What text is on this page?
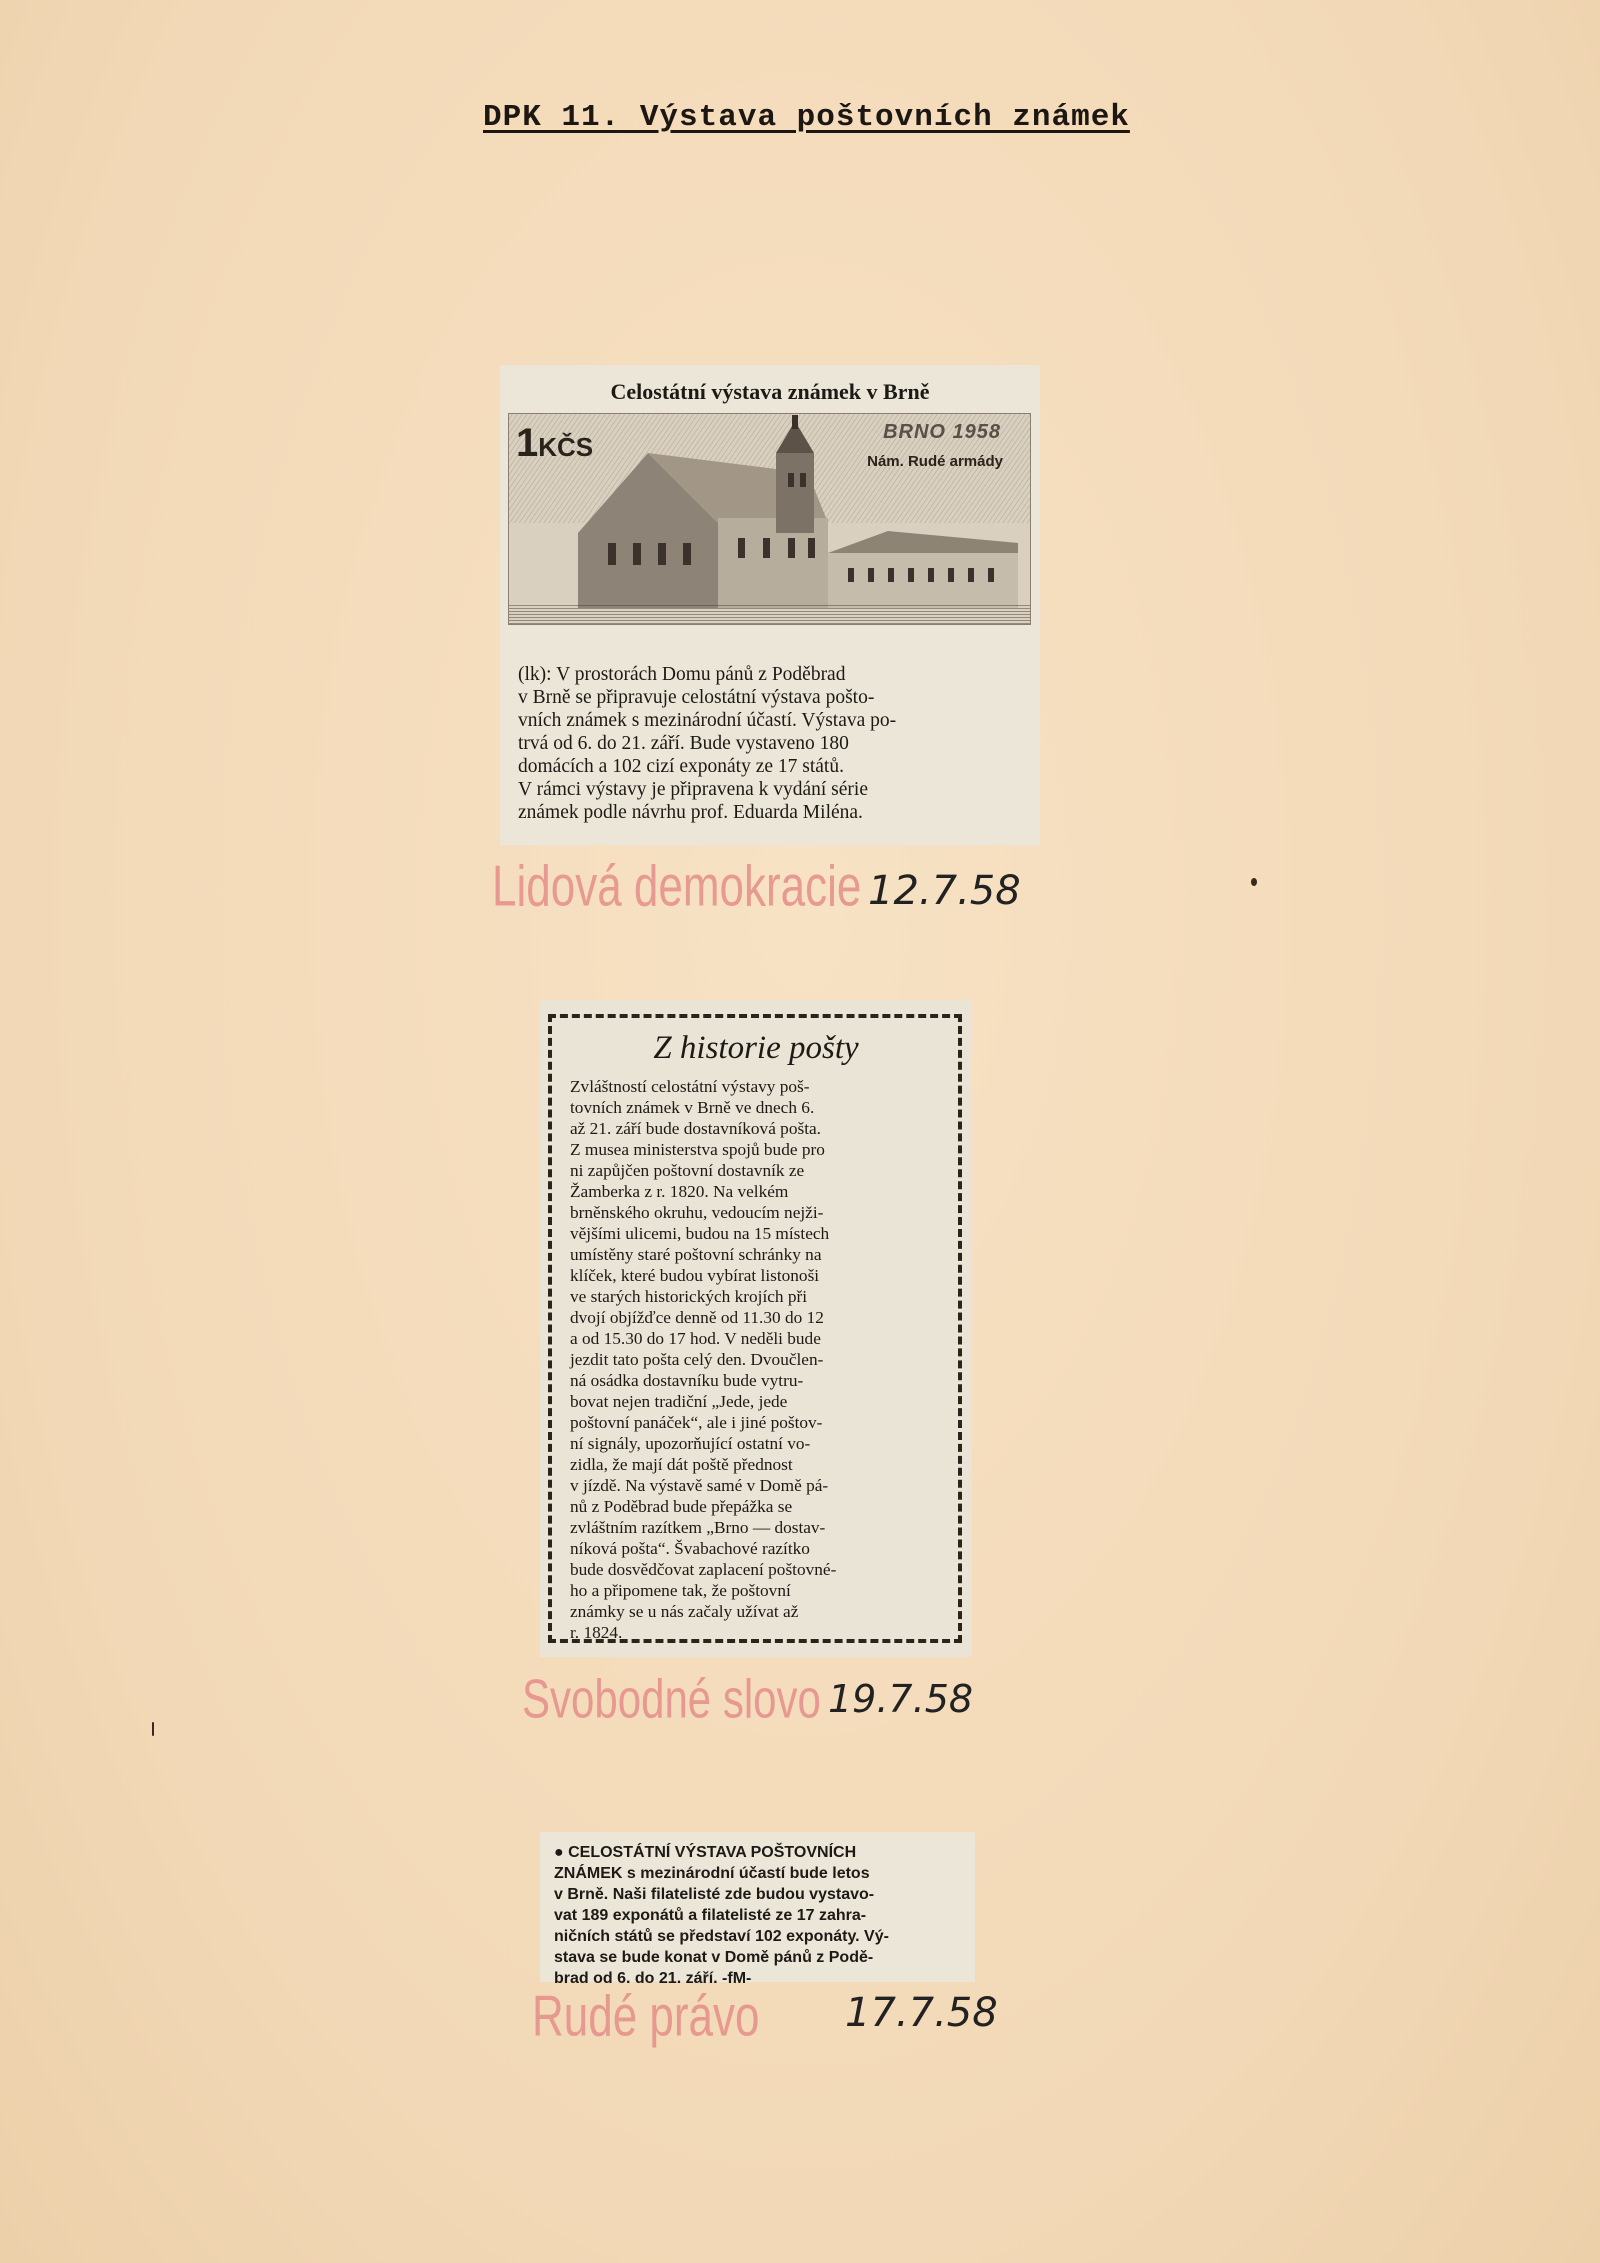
DPK 11. Výstava poštovních známek
Celostátní výstava známek v Brně
1KČS	BRNO 1958
Nám. Rudé armády
(lk): V prostorách Domu pánů z Poděbrad
v Brně se připravuje celostátní výstava pošto-
vních známek s mezinárodní účastí. Výstava po-
trvá od 6. do 21. září. Bude vystaveno 180
domácích a 102 cizí exponáty ze 17 států.
V rámci výstavy je připravena k vydání série
známek podle návrhu prof. Eduarda Miléna.
Lidová demokracie 12.7.58
Z historie pošty
Zvláštností celostátní výstavy poš-
tovních známek v Brně ve dnech 6.
až 21. září bude dostavníková pošta.
Z musea ministerstva spojů bude pro
ni zapůjčen poštovní dostavník ze
Žamberka z r. 1820. Na velkém
brněnského okruhu, vedoucím nejži-
vějšími ulicemi, budou na 15 místech
umístěny staré poštovní schránky na
klíček, které budou vybírat listonoši
ve starých historických krojích při
dvojí objížďce denně od 11.30 do 12
a od 15.30 do 17 hod. V neděli bude
jezdit tato pošta celý den. Dvoučlen-
ná osádka dostavníku bude vytru-
bovat nejen tradiční „Jede, jede
poštovní panáček“, ale i jiné poštov-
ní signály, upozorňující ostatní vo-
zidla, že mají dát poště přednost
v jízdě. Na výstavě samé v Domě pá-
nů z Poděbrad bude přepážka se
zvláštním razítkem „Brno — dostav-
níková pošta“. Švabachové razítko
bude dosvědčovat zaplacení poštovné-
ho a připomene tak, že poštovní
známky se u nás začaly užívat až
r. 1824.
Svobodné slovo 19.7.58
● CELOSTÁTNÍ VÝSTAVA POŠTOVNÍCH
ZNÁMEK s mezinárodní účastí bude letos
v Brně. Naši filatelisté zde budou vystavo-
vat 189 exponátů a filatelisté ze 17 zahra-
ničních států se představí 102 exponáty. Vý-
stava se bude konat v Domě pánů z Podě-
brad od 6. do 21. září. -fM-
Rudé právo 17.7.58
